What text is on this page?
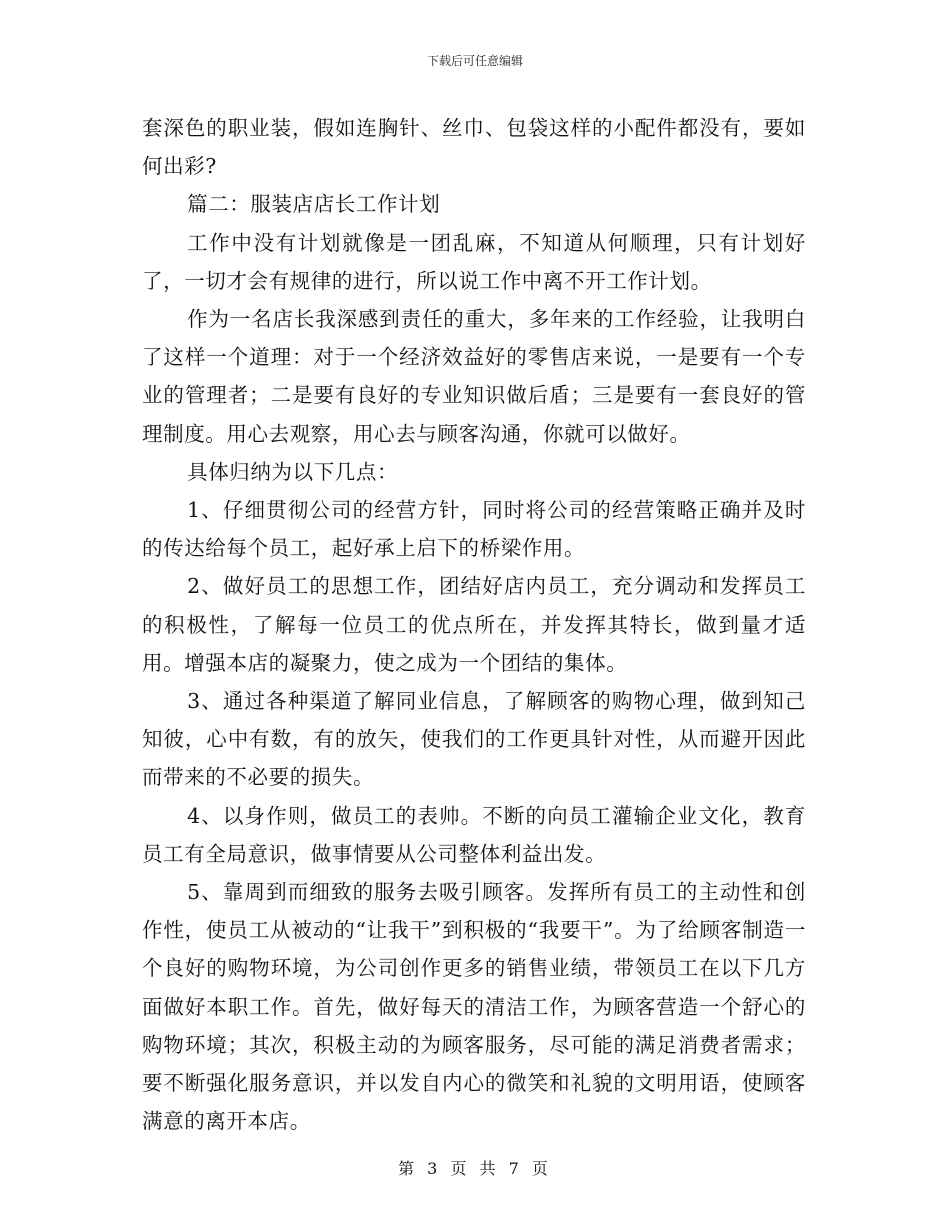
下载后可任意编辑

套深色的职业装，假如连胸针、丝巾、包袋这样的小配件都没有，要如何出彩?

篇二：服装店店长工作计划

工作中没有计划就像是一团乱麻，不知道从何顺理，只有计划好了，一切才会有规律的进行，所以说工作中离不开工作计划。

作为一名店长我深感到责任的重大，多年来的工作经验，让我明白了这样一个道理：对于一个经济效益好的零售店来说，一是要有一个专业的管理者；二是要有良好的专业知识做后盾；三是要有一套良好的管理制度。用心去观察，用心去与顾客沟通，你就可以做好。

具体归纳为以下几点：

1、仔细贯彻公司的经营方针，同时将公司的经营策略正确并及时的传达给每个员工，起好承上启下的桥梁作用。

2、做好员工的思想工作，团结好店内员工，充分调动和发挥员工的积极性，了解每一位员工的优点所在，并发挥其特长，做到量才适用。增强本店的凝聚力，使之成为一个团结的集体。

3、通过各种渠道了解同业信息，了解顾客的购物心理，做到知己知彼，心中有数，有的放矢，使我们的工作更具针对性，从而避开因此而带来的不必要的损失。

4、以身作则，做员工的表帅。不断的向员工灌输企业文化，教育员工有全局意识，做事情要从公司整体利益出发。

5、靠周到而细致的服务去吸引顾客。发挥所有员工的主动性和创作性，使员工从被动的“让我干”到积极的“我要干”。为了给顾客制造一个良好的购物环境，为公司创作更多的销售业绩，带领员工在以下几方面做好本职工作。首先，做好每天的清洁工作，为顾客营造一个舒心的购物环境；其次，积极主动的为顾客服务，尽可能的满足消费者需求；要不断强化服务意识，并以发自内心的微笑和礼貌的文明用语，使顾客满意的离开本店。

第 3 页 共 7 页
